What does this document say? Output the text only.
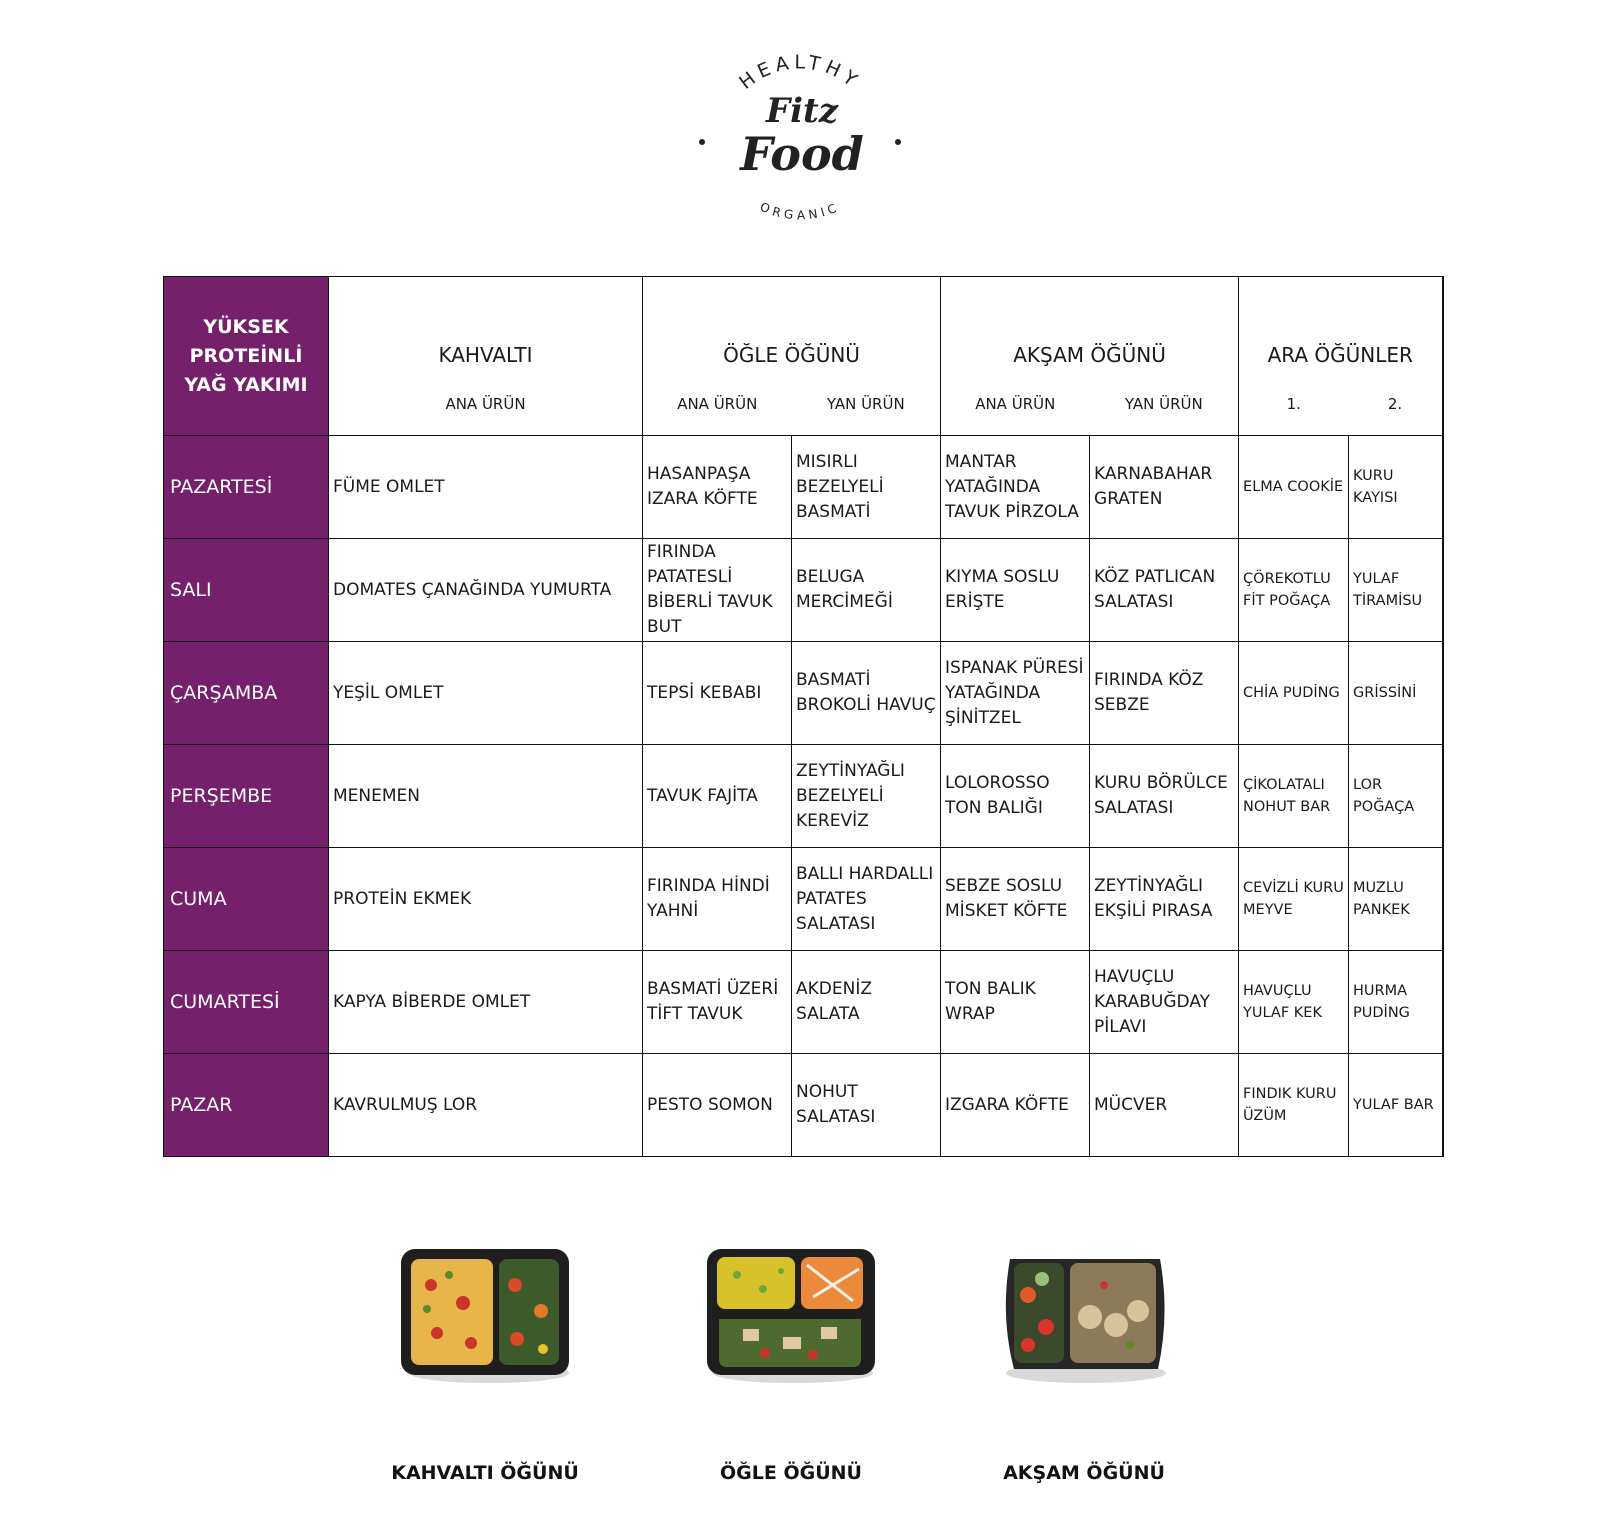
HEALTHY
Fitz
Food
ORGANIC
YÜKSEK PROTEİNLİ YAĞ YAKIMI	KAHVALTI	ÖĞLE ÖĞÜNÜ		AKŞAM ÖĞÜNÜ		ARA ÖĞÜNLER	
	ANA ÜRÜN	ANA ÜRÜN	YAN ÜRÜN	ANA ÜRÜN	YAN ÜRÜN	1.	2.
PAZARTESİ	FÜME OMLET	HASANPAŞA IZARA KÖFTE	MISIRLI BEZELYELİ BASMATİ	MANTAR YATAĞINDA TAVUK PİRZOLA	KARNABAHAR GRATEN	ELMA COOKİE	KURU KAYISI
SALI	DOMATES ÇANAĞINDA YUMURTA	FIRINDA PATATESLİ BİBERLİ TAVUK BUT	BELUGA MERCİMEĞİ	KIYMA SOSLU ERİŞTE	KÖZ PATLICAN SALATASI	ÇÖREKOTLU FİT POĞAÇA	YULAF TİRAMİSU
ÇARŞAMBA	YEŞİL OMLET	TEPSİ KEBABI	BASMATİ BROKOLİ HAVUÇ	ISPANAK PÜRESİ YATAĞINDA ŞİNİTZEL	FIRINDA KÖZ SEBZE	CHİA PUDİNG	GRİSSİNİ
PERŞEMBE	MENEMEN	TAVUK FAJİTA	ZEYTİNYAĞLI BEZELYELİ KEREVİZ	LOLOROSSO TON BALIĞI	KURU BÖRÜLCE SALATASI	ÇİKOLATALI NOHUT BAR	LOR POĞAÇA
CUMA	PROTEİN EKMEK	FIRINDA HİNDİ YAHNİ	BALLI HARDALLI PATATES SALATASI	SEBZE SOSLU MİSKET KÖFTE	ZEYTİNYAĞLI EKŞİLİ PIRASA	CEVİZLİ KURU MEYVE	MUZLU PANKEK
CUMARTESİ	KAPYA BİBERDE OMLET	BASMATİ ÜZERİ TİFT TAVUK	AKDENİZ SALATA	TON BALIK WRAP	HAVUÇLU KARABUĞDAY PİLAVI	HAVUÇLU YULAF KEK	HURMA PUDİNG
PAZAR	KAVRULMUŞ LOR	PESTO SOMON	NOHUT SALATASI	IZGARA KÖFTE	MÜCVER	FINDIK KURU ÜZÜM	YULAF BAR
KAHVALTI ÖĞÜNÜ	ÖĞLE ÖĞÜNÜ	AKŞAM ÖĞÜNÜ
